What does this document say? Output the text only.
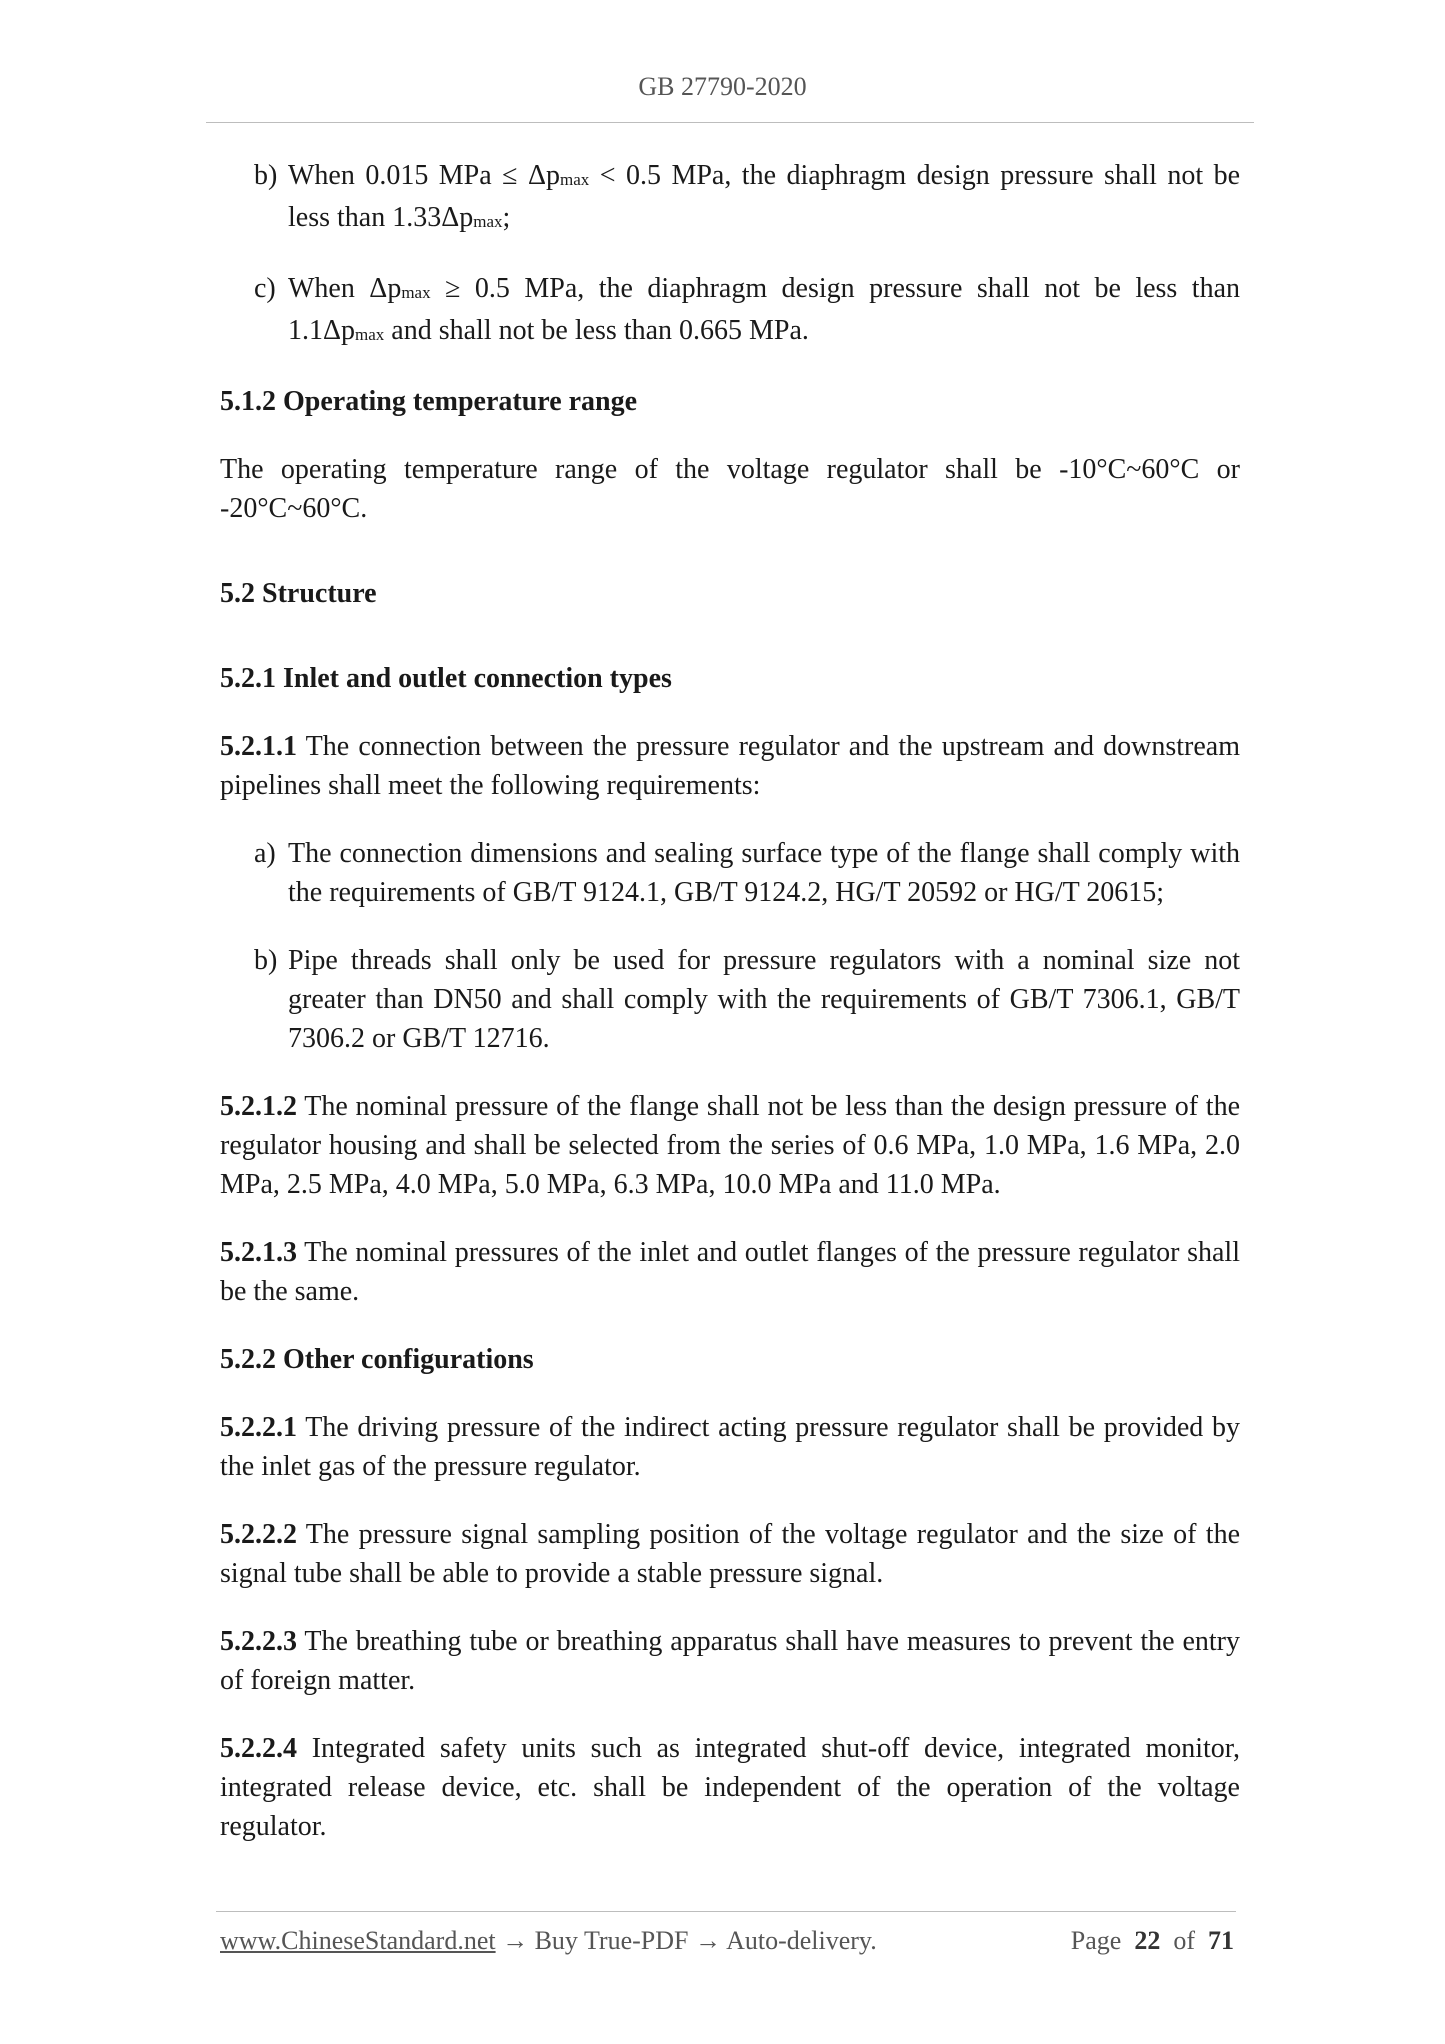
GB 27790-2020
b) When 0.015 MPa ≤ $\Delta p_{max} < 0.5$ MPa, the diaphragm design pressure shall not be less than $1.33\Delta p_{max}$;
c) When $\Delta p_{max} \ge 0.5$ MPa, the diaphragm design pressure shall not be less than $1.1\Delta p_{max}$ and shall not be less than 0.665 MPa.
5.1.2 Operating temperature range
The operating temperature range of the voltage regulator shall be -10°C~60°C or -20°C~60°C.
5.2 Structure
5.2.1 Inlet and outlet connection types
5.2.1.1 The connection between the pressure regulator and the upstream and downstream pipelines shall meet the following requirements:
a) The connection dimensions and sealing surface type of the flange shall comply with the requirements of GB/T 9124.1, GB/T 9124.2, HG/T 20592 or HG/T 20615;
b) Pipe threads shall only be used for pressure regulators with a nominal size not greater than DN50 and shall comply with the requirements of GB/T 7306.1, GB/T 7306.2 or GB/T 12716.
5.2.1.2 The nominal pressure of the flange shall not be less than the design pressure of the regulator housing and shall be selected from the series of 0.6 MPa, 1.0 MPa, 1.6 MPa, 2.0 MPa, 2.5 MPa, 4.0 MPa, 5.0 MPa, 6.3 MPa, 10.0 MPa and 11.0 MPa.
5.2.1.3 The nominal pressures of the inlet and outlet flanges of the pressure regulator shall be the same.
5.2.2 Other configurations
5.2.2.1 The driving pressure of the indirect acting pressure regulator shall be provided by the inlet gas of the pressure regulator.
5.2.2.2 The pressure signal sampling position of the voltage regulator and the size of the signal tube shall be able to provide a stable pressure signal.
5.2.2.3 The breathing tube or breathing apparatus shall have measures to prevent the entry of foreign matter.
5.2.2.4 Integrated safety units such as integrated shut-off device, integrated monitor, integrated release device, etc. shall be independent of the operation of the voltage regulator.
www.ChineseStandard.net → Buy True-PDF → Auto-delivery.	Page 22 of 71
